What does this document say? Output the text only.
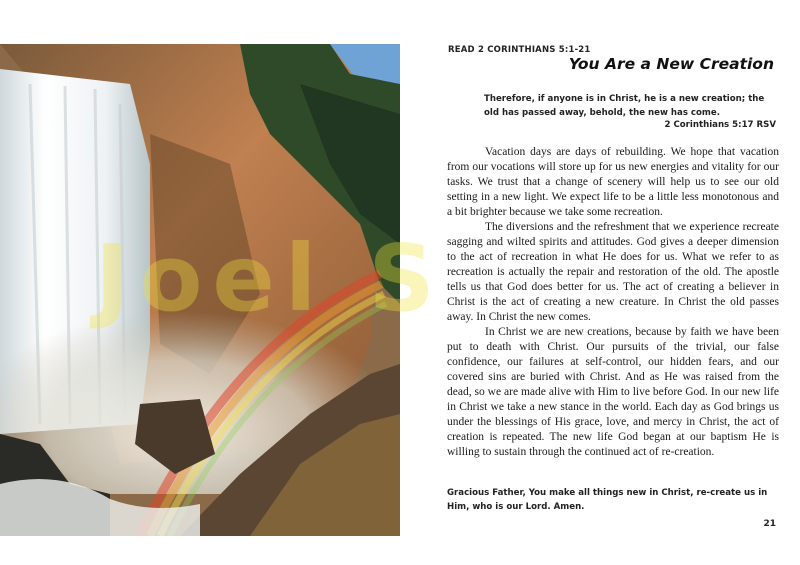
READ 2 CORINTHIANS 5:1-21
You Are a New Creation
Therefore, if anyone is in Christ, he is a new creation; the old has passed away, behold, the new has come.
2 Corinthians 5:17 RSV

Vacation days are days of rebuilding. We hope that vacation from our vocations will store up for us new energies and vitality for our tasks. We trust that a change of scenery will help us to see our old setting in a new light. We expect life to be a little less monotonous and a bit brighter because we take some recreation.

The diversions and the refreshment that we experience recreate sagging and wilted spirits and attitudes. God gives a deeper dimension to the act of recreation in what He does for us. What we refer to as recreation is actually the repair and restoration of the old. The apostle tells us that God does better for us. The act of creating a believer in Christ is the act of creating a new creature. In Christ the old passes away. In Christ the new comes.

In Christ we are new creations, because by faith we have been put to death with Christ. Our pursuits of the trivial, our false confidence, our failures at self-control, our hidden fears, and our covered sins are buried with Christ. And as He was raised from the dead, so we are made alive with Him to live before God. In our new life in Christ we take a new stance in the world. Each day as God brings us under the blessings of His grace, love, and mercy in Christ, the act of creation is repeated. The new life God began at our baptism He is willing to sustain through the continued act of re-creation.

Gracious Father, You make all things new in Christ, re-create us in Him, who is our Lord. Amen.
21
Joel S
